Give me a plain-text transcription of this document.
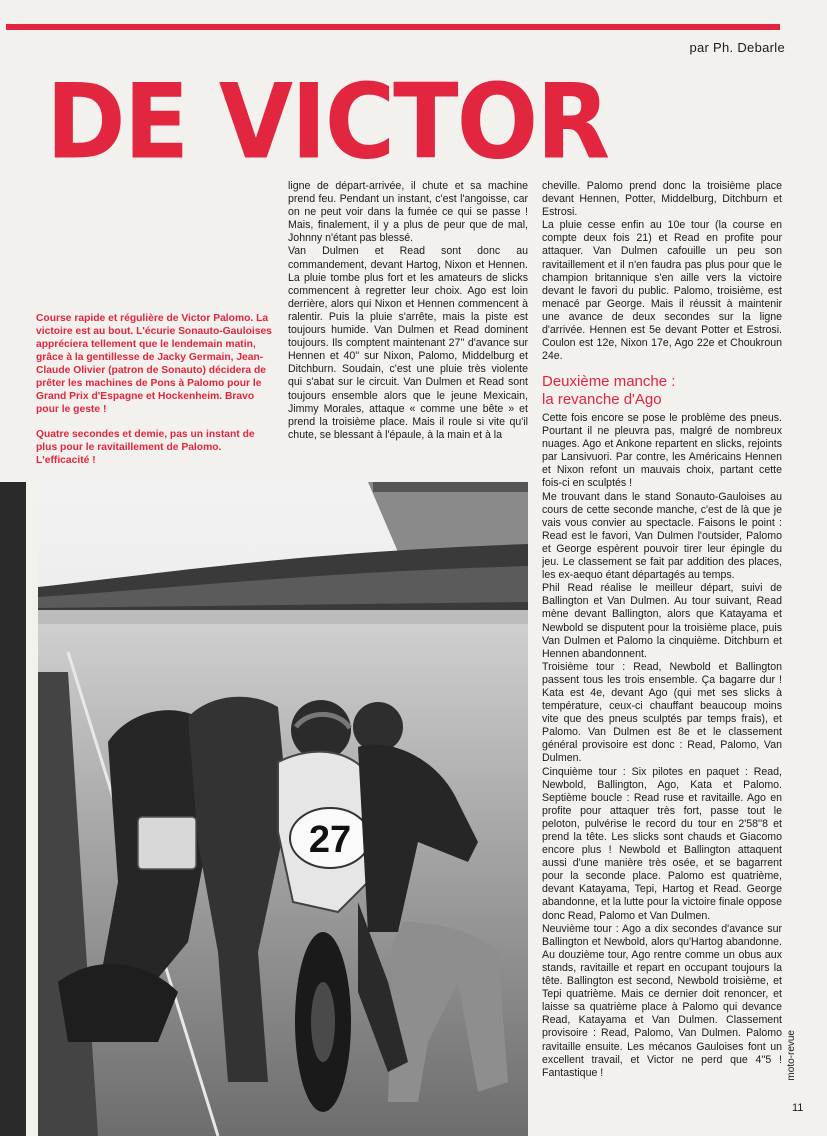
par Ph. Debarle
DE VICTOR

Course rapide et régulière de Victor Palomo. La victoire est au bout. L'écurie Sonauto-Gauloises appréciera tellement que le lendemain matin, grâce à la gentillesse de Jacky Germain, Jean-Claude Olivier (patron de Sonauto) décidera de prêter les machines de Pons à Palomo pour le Grand Prix d'Espagne et Hockenheim. Bravo pour le geste !

Quatre secondes et demie, pas un instant de plus pour le ravitaillement de Palomo. L'efficacité !

ligne de départ-arrivée, il chute et sa machine prend feu. Pendant un instant, c'est l'angoisse, car on ne peut voir dans la fumée ce qui se passe ! Mais, finalement, il y a plus de peur que de mal, Johnny n'étant pas blessé.

Van Dulmen et Read sont donc au commandement, devant Hartog, Nixon et Hennen. La pluie tombe plus fort et les amateurs de slicks commencent à regretter leur choix. Ago est loin derrière, alors qui Nixon et Hennen commencent à ralentir. Puis la pluie s'arrête, mais la piste est toujours humide. Van Dulmen et Read dominent toujours. Ils comptent maintenant 27'' d'avance sur Hennen et 40'' sur Nixon, Palomo, Middelburg et Ditchburn. Soudain, c'est une pluie très violente qui s'abat sur le circuit. Van Dulmen et Read sont toujours ensemble alors que le jeune Mexicain, Jimmy Morales, attaque « comme une bête » et prend la troisième place. Mais il roule si vite qu'il chute, se blessant à l'épaule, à la main et à la

cheville. Palomo prend donc la troisième place devant Hennen, Potter, Middelburg, Ditchburn et Estrosi.

La pluie cesse enfin au 10e tour (la course en compte deux fois 21) et Read en profite pour attaquer. Van Dulmen cafouille un peu son ravitaillement et il n'en faudra pas plus pour que le champion britannique s'en aille vers la victoire devant le favori du public. Palomo, troisième, est menacé par George. Mais il réussit à maintenir une avance de deux secondes sur la ligne d'arrivée. Hennen est 5e devant Potter et Estrosi. Coulon est 12e, Nixon 17e, Ago 22e et Choukroun 24e.

Deuxième manche :
la revanche d'Ago

Cette fois encore se pose le problème des pneus. Pourtant il ne pleuvra pas, malgré de nombreux nuages. Ago et Ankone repartent en slicks, rejoints par Lansivuori. Par contre, les Américains Hennen et Nixon refont un mauvais choix, partant cette fois-ci en sculptés !

Me trouvant dans le stand Sonauto-Gauloises au cours de cette seconde manche, c'est de là que je vais vous convier au spectacle. Faisons le point : Read est le favori, Van Dulmen l'outsider, Palomo et George espèrent pouvoir tirer leur épingle du jeu. Le classement se fait par addition des places, les ex-aequo étant départagés au temps.

Phil Read réalise le meilleur départ, suivi de Ballington et Van Dulmen. Au tour suivant, Read mène devant Ballington, alors que Katayama et Newbold se disputent pour la troisième place, puis Van Dulmen et Palomo la cinquième. Ditchburn et Hennen abandonnent.

Troisième tour : Read, Newbold et Ballington passent tous les trois ensemble. Ça bagarre dur ! Kata est 4e, devant Ago (qui met ses slicks à température, ceux-ci chauffant beaucoup moins vite que des pneus sculptés par temps frais), et Palomo. Van Dulmen est 8e et le classement général provisoire est donc : Read, Palomo, Van Dulmen.

Cinquième tour : Six pilotes en paquet : Read, Newbold, Ballington, Ago, Kata et Palomo. Septième boucle : Read ruse et ravitaille. Ago en profite pour attaquer très fort, passe tout le peloton, pulvérise le record du tour en 2'58''8 et prend la tête. Les slicks sont chauds et Giacomo encore plus ! Newbold et Ballington attaquent aussi d'une manière très osée, et se bagarrent pour la seconde place. Palomo est quatrième, devant Katayama, Tepi, Hartog et Read. George abandonne, et la lutte pour la victoire finale oppose donc Read, Palomo et Van Dulmen.

Neuvième tour : Ago a dix secondes d'avance sur Ballington et Newbold, alors qu'Hartog abandonne. Au douzième tour, Ago rentre comme un obus aux stands, ravitaille et repart en occupant toujours la tête. Ballington est second, Newbold troisième, et Tepi quatrième. Mais ce dernier doit renoncer, et laisse sa quatrième place à Palomo qui devance Read, Katayama et Van Dulmen. Classement provisoire : Read, Palomo, Van Dulmen. Palomo ravitaille ensuite. Les mécanos Gauloises font un excellent travail, et Victor ne perd que 4''5 ! Fantastique !

27
moto-revue
11
